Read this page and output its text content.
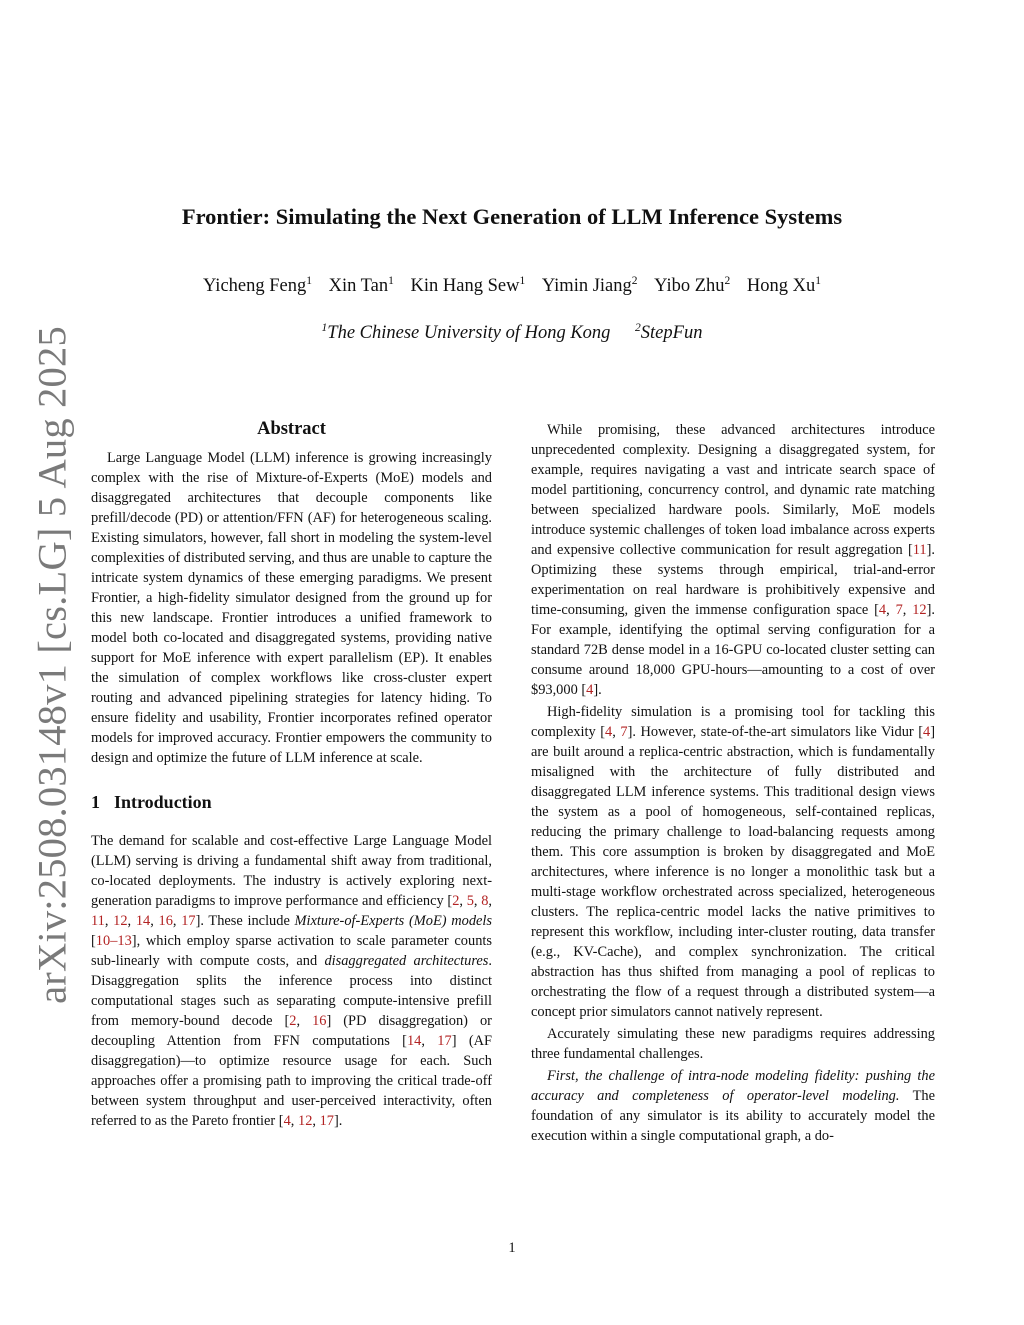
arXiv:2508.03148v1 [cs.LG] 5 Aug 2025
Frontier: Simulating the Next Generation of LLM Inference Systems
Yicheng Feng$^1$ Xin Tan$^1$ Kin Hang Sew$^1$ Yimin Jiang$^2$ Yibo Zhu$^2$ Hong Xu$^1$
$^1$The Chinese University of Hong Kong $^2$StepFun
Abstract

Large Language Model (LLM) inference is growing increasingly complex with the rise of Mixture-of-Experts (MoE) models and disaggregated architectures that decouple components like prefill/decode (PD) or attention/FFN (AF) for heterogeneous scaling. Existing simulators, however, fall short in modeling the system-level complexities of distributed serving, and thus are unable to capture the intricate system dynamics of these emerging paradigms. We present Frontier, a high-fidelity simulator designed from the ground up for this new landscape. Frontier introduces a unified framework to model both co-located and disaggregated systems, providing native support for MoE inference with expert parallelism (EP). It enables the simulation of complex workflows like cross-cluster expert routing and advanced pipelining strategies for latency hiding. To ensure fidelity and usability, Frontier incorporates refined operator models for improved accuracy. Frontier empowers the community to design and optimize the future of LLM inference at scale.

1 Introduction

The demand for scalable and cost-effective Large Language Model (LLM) serving is driving a fundamental shift away from traditional, co-located deployments. The industry is actively exploring next-generation paradigms to improve performance and efficiency [2, 5, 8, 11, 12, 14, 16, 17]. These include Mixture-of-Experts (MoE) models [10–13], which employ sparse activation to scale parameter counts sub-linearly with compute costs, and disaggregated architectures. Disaggregation splits the inference process into distinct computational stages such as separating compute-intensive prefill from memory-bound decode [2, 16] (PD disaggregation) or decoupling Attention from FFN computations [14, 17] (AF disaggregation)—to optimize resource usage for each. Such approaches offer a promising path to improving the critical trade-off between system throughput and user-perceived interactivity, often referred to as the Pareto frontier [4, 12, 17].

While promising, these advanced architectures introduce unprecedented complexity. Designing a disaggregated system, for example, requires navigating a vast and intricate search space of model partitioning, concurrency control, and dynamic rate matching between specialized hardware pools. Similarly, MoE models introduce systemic challenges of token load imbalance across experts and expensive collective communication for result aggregation [11]. Optimizing these systems through empirical, trial-and-error experimentation on real hardware is prohibitively expensive and time-consuming, given the immense configuration space [4, 7, 12]. For example, identifying the optimal serving configuration for a standard 72B dense model in a 16-GPU co-located cluster setting can consume around 18,000 GPU-hours—amounting to a cost of over $93,000 [4].

High-fidelity simulation is a promising tool for tackling this complexity [4, 7]. However, state-of-the-art simulators like Vidur [4] are built around a replica-centric abstraction, which is fundamentally misaligned with the architecture of fully distributed and disaggregated LLM inference systems. This traditional design views the system as a pool of homogeneous, self-contained replicas, reducing the primary challenge to load-balancing requests among them. This core assumption is broken by disaggregated and MoE architectures, where inference is no longer a monolithic task but a multi-stage workflow orchestrated across specialized, heterogeneous clusters. The replica-centric model lacks the native primitives to represent this workflow, including inter-cluster routing, data transfer (e.g., KV-Cache), and complex synchronization. The critical abstraction has thus shifted from managing a pool of replicas to orchestrating the flow of a request through a distributed system—a concept prior simulators cannot natively represent.

Accurately simulating these new paradigms requires addressing three fundamental challenges.

First, the challenge of intra-node modeling fidelity: pushing the accuracy and completeness of operator-level modeling. The foundation of any simulator is its ability to accurately model the execution within a single computational graph, a do-

1
